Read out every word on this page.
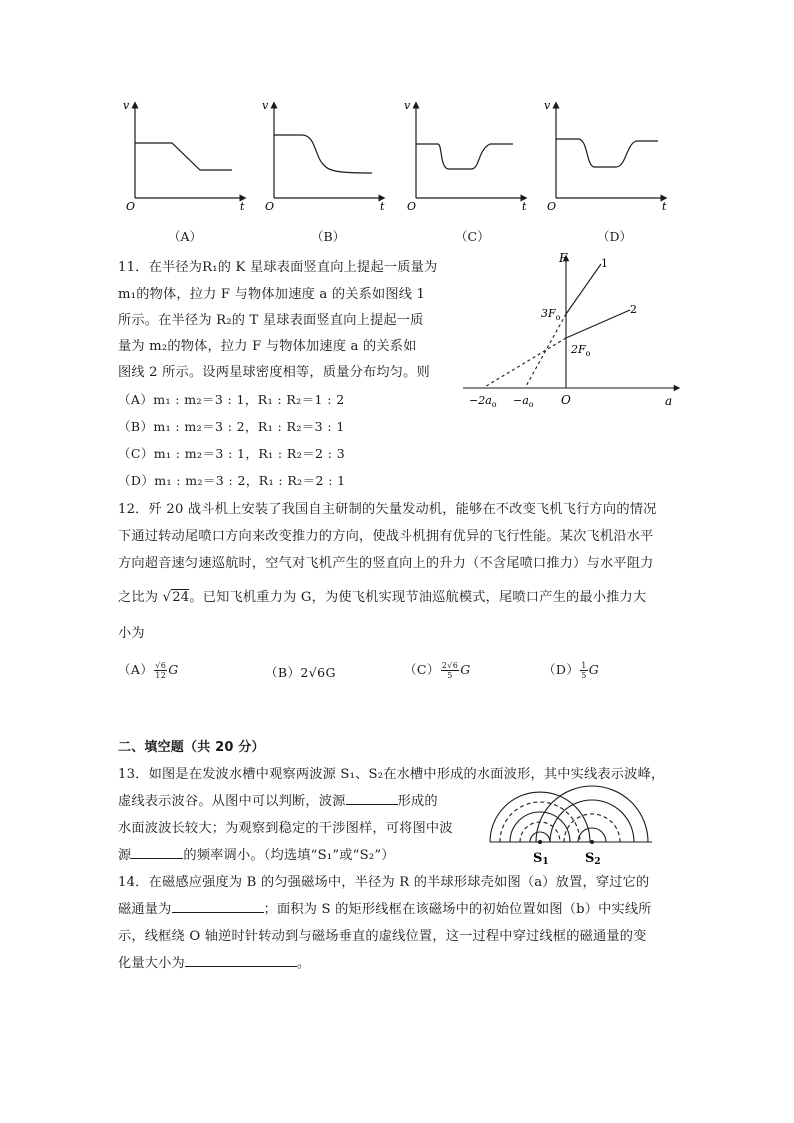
v
O	t
v
O	t
v
O	t
v
O	t
（A）	（B）	（C）	（D）
11．在半径为R₁的 K 星球表面竖直向上提起一质量为
m₁的物体，拉力 F 与物体加速度 a 的关系如图线 1
所示。在半径为 R₂的 T 星球表面竖直向上提起一质
量为 m₂的物体，拉力 F 与物体加速度 a 的关系如
图线 2 所示。设两星球密度相等，质量分布均匀。则
（A）m₁ : m₂＝3 : 1，R₁ : R₂＝1 : 2
（B）m₁ : m₂＝3 : 2，R₁ : R₂＝3 : 1
（C）m₁ : m₂＝3 : 1，R₁ : R₂＝2 : 3
（D）m₁ : m₂＝3 : 2，R₁ : R₂＝2 : 1
F
a
O
1
2
$3F_o$
$2F_o$
$-2a_o -a_o$
12．歼 20 战斗机上安装了我国自主研制的矢量发动机，能够在不改变飞机飞行方向的情况
下通过转动尾喷口方向来改变推力的方向，使战斗机拥有优异的飞行性能。某次飞机沿水平
方向超音速匀速巡航时，空气对飞机产生的竖直向上的升力（不含尾喷口推力）与水平阻力
之比为 √24。已知飞机重力为 G，为使飞机实现节油巡航模式，尾喷口产生的最小推力大
小为
$(A) \frac{√6}{12}$ G	（B）2√6G	$(C) \frac{2√6}{5}$ G	$(D) \frac{1}{5}$ G
二、填空题（共 20 分）
13．如图是在发波水槽中观察两波源 S₁、S₂在水槽中形成的水面波形，其中实线表示波峰，
虚线表示波谷。从图中可以判断，波源	形成的
水面波波长较大；为观察到稳定的干涉图样，可将图中波
源	的频率调小。（均选填“S₁”或“S₂”）	S1	S2
14．在磁感应强度为 B 的匀强磁场中，半径为 R 的半球形球壳如图（a）放置，穿过它的
磁通量为	；面积为 S 的矩形线框在该磁场中的初始位置如图（b）中实线所
示，线框绕 O 轴逆时针转动到与磁场垂直的虚线位置，这一过程中穿过线框的磁通量的变
化量大小为	。
